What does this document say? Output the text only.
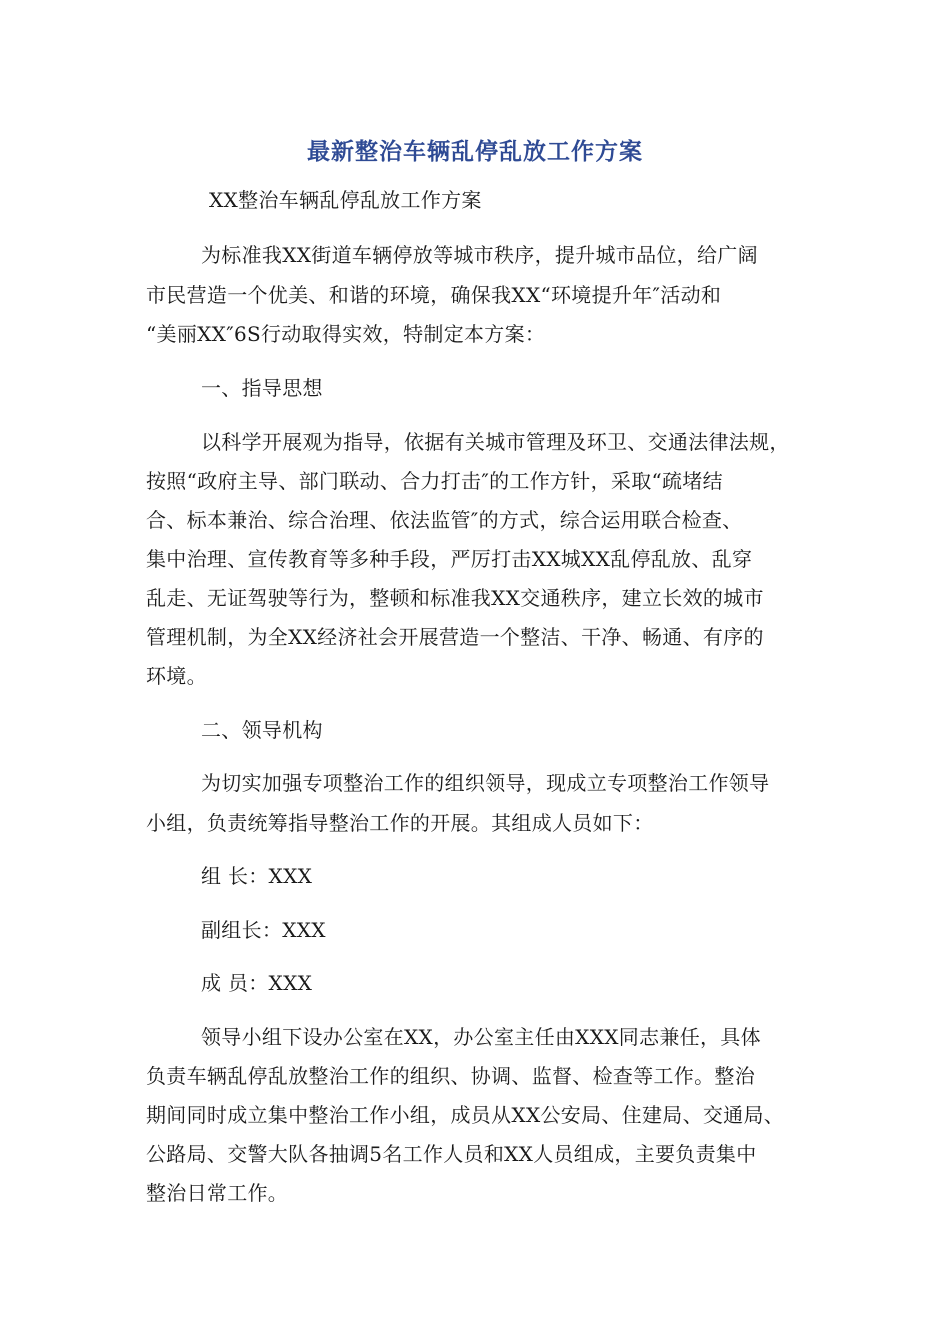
最新整治车辆乱停乱放工作方案
XX整治车辆乱停乱放工作方案
为标准我XX街道车辆停放等城市秩序，提升城市品位，给广阔
市民营造一个优美、和谐的环境，确保我XX“环境提升年″活动和
“美丽XX″6S行动取得实效，特制定本方案：
一、指导思想
以科学开展观为指导，依据有关城市管理及环卫、交通法律法规，
按照“政府主导、部门联动、合力打击″的工作方针，采取“疏堵结
合、标本兼治、综合治理、依法监管″的方式，综合运用联合检查、
集中治理、宣传教育等多种手段，严厉打击XX城XX乱停乱放、乱穿
乱走、无证驾驶等行为，整顿和标准我XX交通秩序，建立长效的城市
管理机制，为全XX经济社会开展营造一个整洁、干净、畅通、有序的
环境。
二、领导机构
为切实加强专项整治工作的组织领导，现成立专项整治工作领导
小组，负责统筹指导整治工作的开展。其组成人员如下：
组 长：XXX
副组长：XXX
成 员：XXX
领导小组下设办公室在XX，办公室主任由XXX同志兼任，具体
负责车辆乱停乱放整治工作的组织、协调、监督、检查等工作。整治
期间同时成立集中整治工作小组，成员从XX公安局、住建局、交通局、
公路局、交警大队各抽调5名工作人员和XX人员组成，主要负责集中
整治日常工作。
